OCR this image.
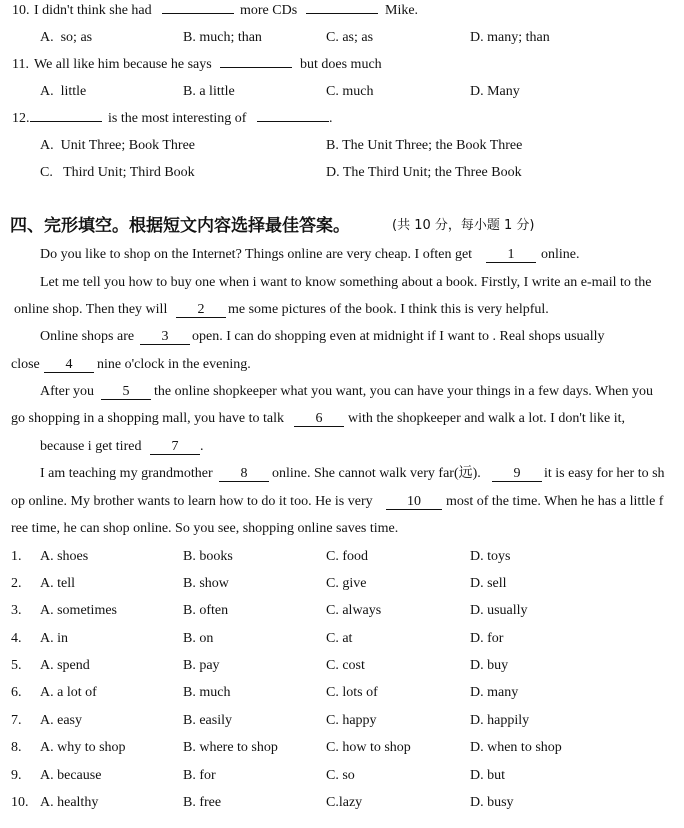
10. I didn't think she had	more CDs	Mike.
A.  so; as	B. much; than	C. as; as	D. many; than
11. We all like him because he says	but does much
A.  little	B. a little	C. much	D. Many
12.	is the most interesting of	.
A.  Unit Three; Book Three	B. The Unit Three; the Book Three
C.   Third Unit; Third Book	D. The Third Unit; the Three Book
四、完形填空。根据短文内容选择最佳答案。	(共 10 分，每小题 1 分)
Do you like to shop on the Internet? Things online are very cheap. I often get	1	online.
Let me tell you how to buy one when i want to know something about a book. Firstly, I write an e-mail to the
online shop. Then they will	2	me some pictures of the book. I think this is very helpful.
Online shops are	3	open. I can do shopping even at midnight if I want to . Real shops usually
close	4	nine o'clock in the evening.
After you	5	the online shopkeeper what you want, you can have your things in a few days. When you
go shopping in a shopping mall, you have to talk	6	with the shopkeeper and walk a lot. I don't like it,
because i get tired	7	.
I am teaching my grandmother	8	online. She cannot walk very far(远).	9	it is easy for her to sh
op online. My brother wants to learn how to do it too. He is very	10	most of the time. When he has a little f
ree time, he can shop online. So you see, shopping online saves time.
1. A. shoes	B. books	C. food	D. toys
2. A. tell	B. show	C. give	D. sell
3. A. sometimes	B. often	C. always	D. usually
4. A. in	B. on	C. at	D. for
5. A. spend	B. pay	C. cost	D. buy
6. A. a lot of	B. much	C. lots of	D. many
7. A. easy	B. easily	C. happy	D. happily
8. A. why to shop	B. where to shop	C. how to shop	D. when to shop
9. A. because	B. for	C. so	D. but
10. A. healthy	B. free	C.lazy	D. busy
